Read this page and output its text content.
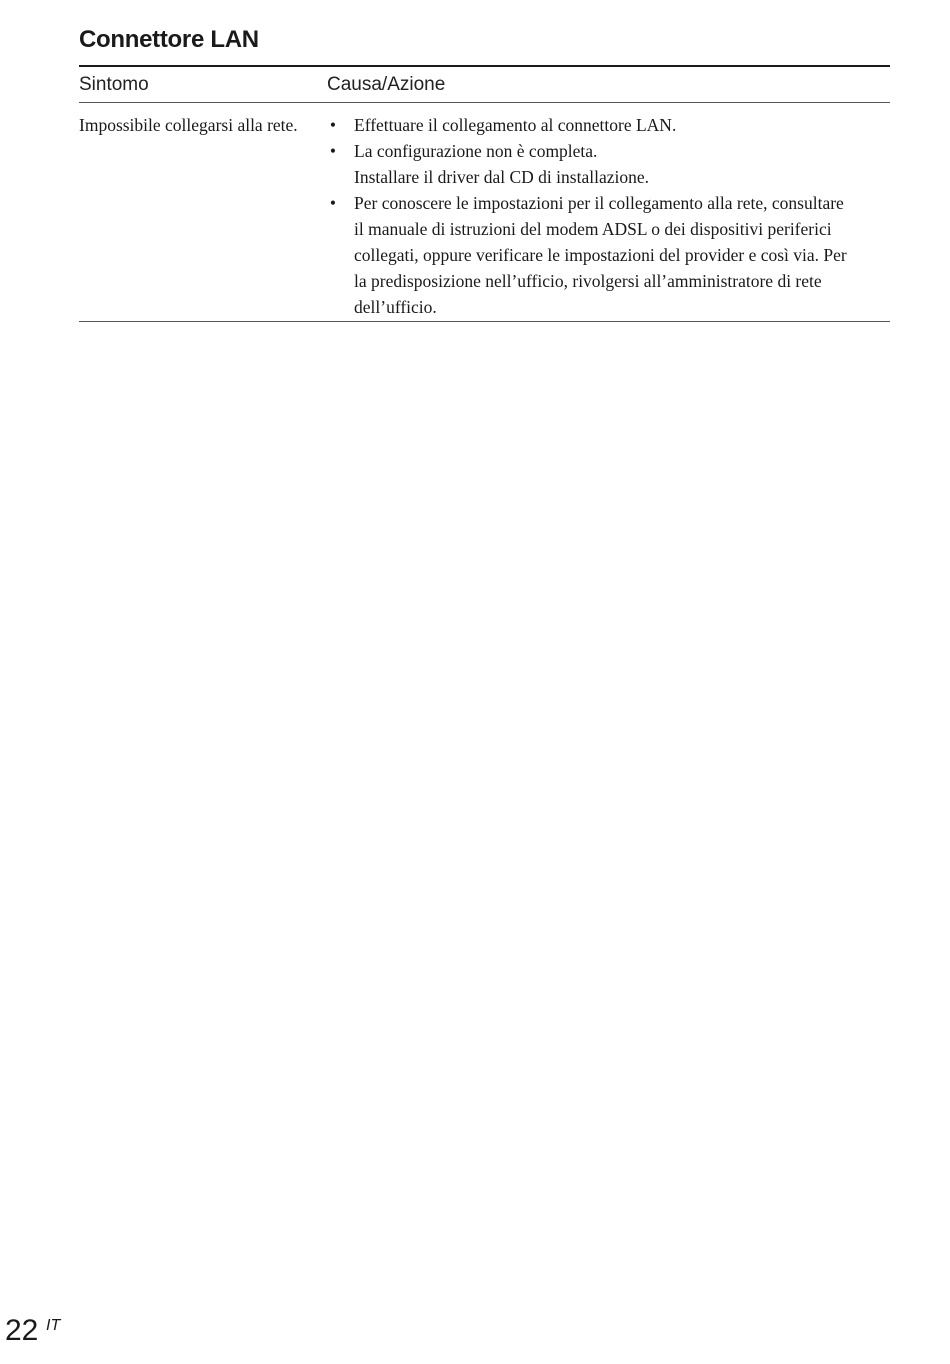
Connettore LAN
Sintomo	Causa/Azione
Impossibile collegarsi alla rete. • Effettuare il collegamento al connettore LAN.
• La configurazione non è completa.
Installare il driver dal CD di installazione.
• Per conoscere le impostazioni per il collegamento alla rete, consultare
il manuale di istruzioni del modem ADSL o dei dispositivi periferici
collegati, oppure verificare le impostazioni del provider e così via. Per
la predisposizione nell’ufficio, rivolgersi all’amministratore di rete
dell’ufficio.
22 IT
